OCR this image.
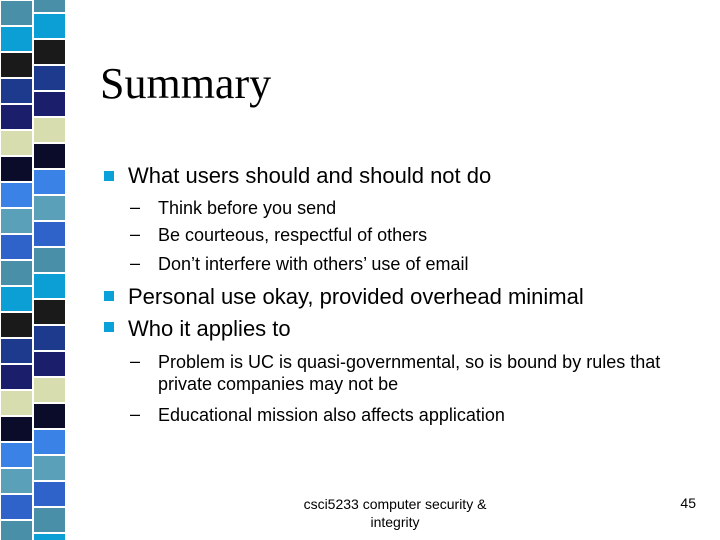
Summary
What users should and should not do
– Think before you send
– Be courteous, respectful of others
– Don’t interfere with others’ use of email
Personal use okay, provided overhead minimal
Who it applies to
– Problem is UC is quasi-governmental, so is bound by rules that private companies may not be
– Educational mission also affects application
csci5233 computer security & integrity
45
